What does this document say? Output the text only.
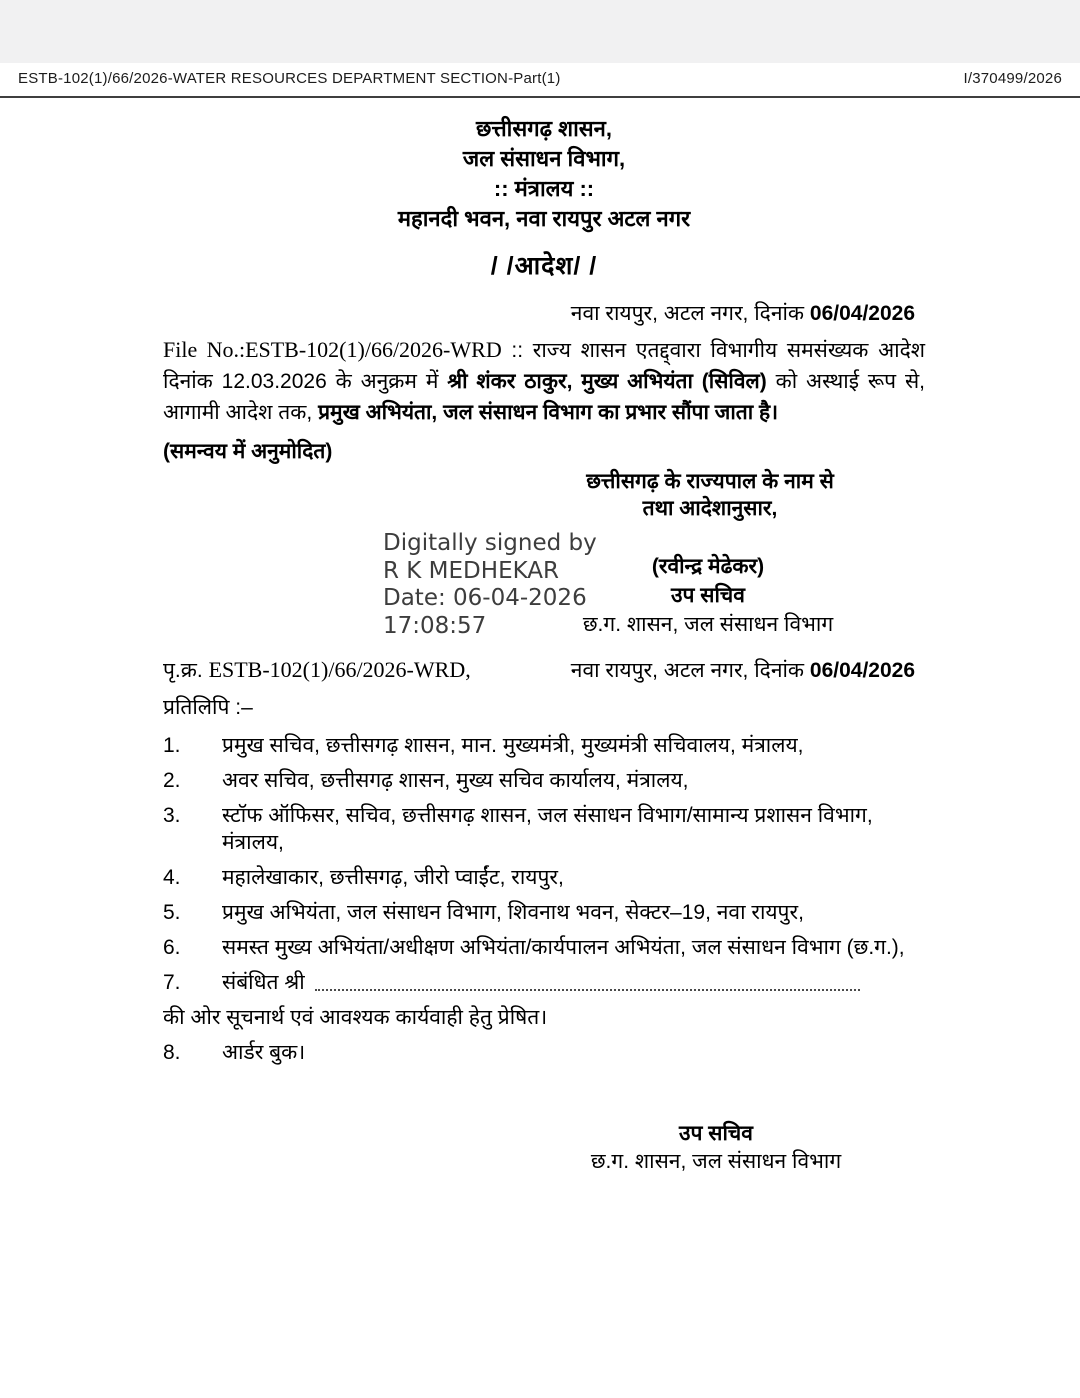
ESTB-102(1)/66/2026-WATER RESOURCES DEPARTMENT SECTION-Part(1)	I/370499/2026
छत्तीसगढ़ शासन,
जल संसाधन विभाग,
:: मंत्रालय ::
महानदी भवन, नवा रायपुर अटल नगर
/ /आदेश/ /
नवा रायपुर, अटल नगर, दिनांक 06/04/2026

File No.:ESTB-102(1)/66/2026-WRD :: राज्य शासन एतद्द्वारा विभागीय समसंख्यक आदेश दिनांक 12.03.2026 के अनुक्रम में श्री शंकर ठाकुर, मुख्य अभियंता (सिविल) को अस्थाई रूप से, आगामी आदेश तक, प्रमुख अभियंता, जल संसाधन विभाग का प्रभार सौंपा जाता है।

(समन्वय में अनुमोदित)
छत्तीसगढ़ के राज्यपाल के नाम से
तथा आदेशानुसार,
Digitally signed by
R K MEDHEKAR
Date: 06-04-2026
17:08:57
(रवीन्द्र मेढेकर)
उप सचिव
छ.ग. शासन, जल संसाधन विभाग
पृ.क्र. ESTB-102(1)/66/2026-WRD,	नवा रायपुर, अटल नगर, दिनांक 06/04/2026
प्रतिलिपि :–
1.	प्रमुख सचिव, छत्तीसगढ़ शासन, मान. मुख्यमंत्री, मुख्यमंत्री सचिवालय, मंत्रालय,
2.	अवर सचिव, छत्तीसगढ़ शासन, मुख्य सचिव कार्यालय, मंत्रालय,
3.	स्टॉफ ऑफिसर, सचिव, छत्तीसगढ़ शासन, जल संसाधन विभाग/सामान्य प्रशासन विभाग, मंत्रालय,
4.	महालेखाकार, छत्तीसगढ़, जीरो प्वाईंट, रायपुर,
5.	प्रमुख अभियंता, जल संसाधन विभाग, शिवनाथ भवन, सेक्टर–19, नवा रायपुर,
6.	समस्त मुख्य अभियंता/अधीक्षण अभियंता/कार्यपालन अभियंता, जल संसाधन विभाग (छ.ग.),
7.	संबंधित श्री
की ओर सूचनार्थ एवं आवश्यक कार्यवाही हेतु प्रेषित।
8.	आर्डर बुक।
उप सचिव
छ.ग. शासन, जल संसाधन विभाग
